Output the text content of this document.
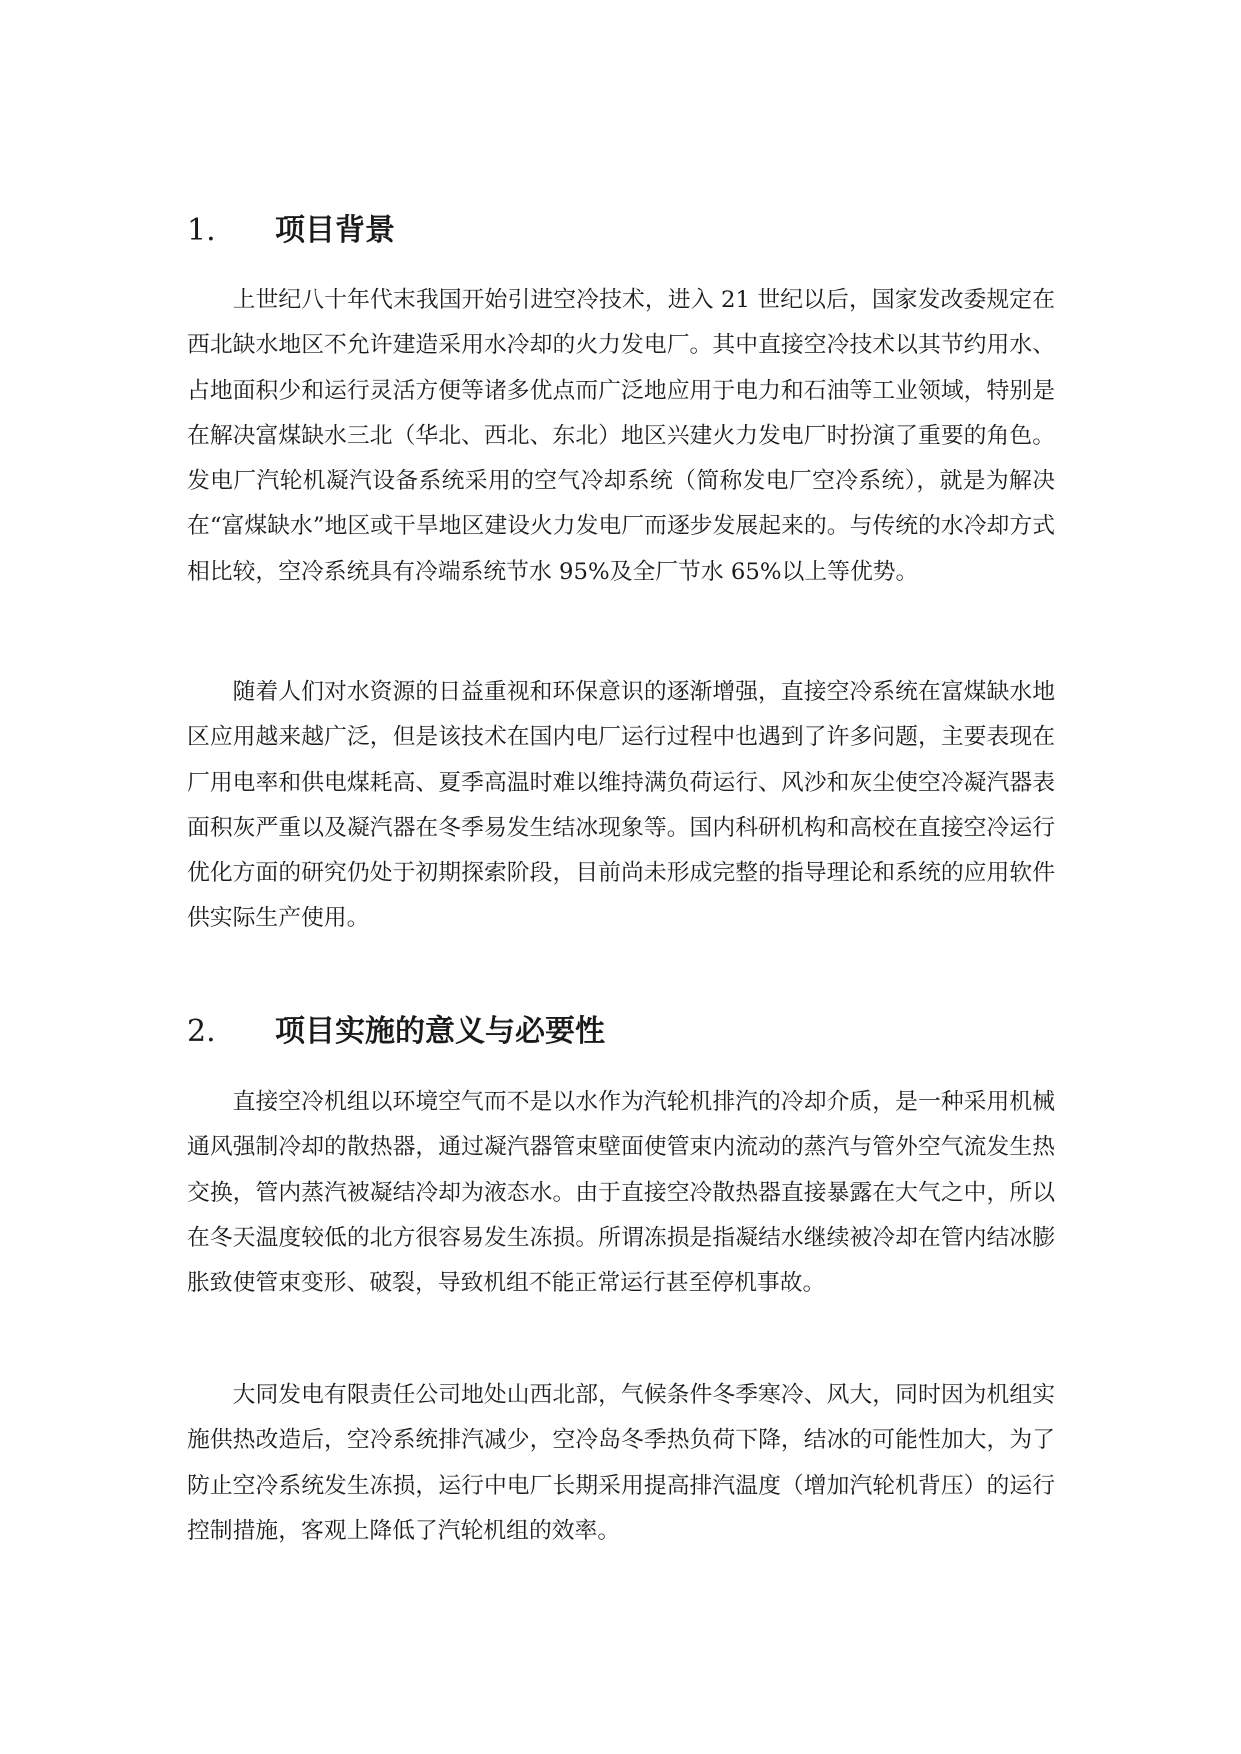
1. 项目背景

上世纪八十年代末我国开始引进空冷技术，进入 21 世纪以后，国家发改委规定在西北缺水地区不允许建造采用水冷却的火力发电厂。其中直接空冷技术以其节约用水、占地面积少和运行灵活方便等诸多优点而广泛地应用于电力和石油等工业领域，特别是在解决富煤缺水三北（华北、西北、东北）地区兴建火力发电厂时扮演了重要的角色。发电厂汽轮机凝汽设备系统采用的空气冷却系统（简称发电厂空冷系统），就是为解决在“富煤缺水”地区或干旱地区建设火力发电厂而逐步发展起来的。与传统的水冷却方式相比较，空冷系统具有冷端系统节水 95%及全厂节水 65%以上等优势。

随着人们对水资源的日益重视和环保意识的逐渐增强，直接空冷系统在富煤缺水地区应用越来越广泛，但是该技术在国内电厂运行过程中也遇到了许多问题，主要表现在厂用电率和供电煤耗高、夏季高温时难以维持满负荷运行、风沙和灰尘使空冷凝汽器表面积灰严重以及凝汽器在冬季易发生结冰现象等。国内科研机构和高校在直接空冷运行优化方面的研究仍处于初期探索阶段，目前尚未形成完整的指导理论和系统的应用软件供实际生产使用。

2. 项目实施的意义与必要性

直接空冷机组以环境空气而不是以水作为汽轮机排汽的冷却介质，是一种采用机械通风强制冷却的散热器，通过凝汽器管束壁面使管束内流动的蒸汽与管外空气流发生热交换，管内蒸汽被凝结冷却为液态水。由于直接空冷散热器直接暴露在大气之中，所以在冬天温度较低的北方很容易发生冻损。所谓冻损是指凝结水继续被冷却在管内结冰膨胀致使管束变形、破裂，导致机组不能正常运行甚至停机事故。

大同发电有限责任公司地处山西北部，气候条件冬季寒冷、风大，同时因为机组实施供热改造后，空冷系统排汽减少，空冷岛冬季热负荷下降，结冰的可能性加大，为了防止空冷系统发生冻损，运行中电厂长期采用提高排汽温度（增加汽轮机背压）的运行控制措施，客观上降低了汽轮机组的效率。
